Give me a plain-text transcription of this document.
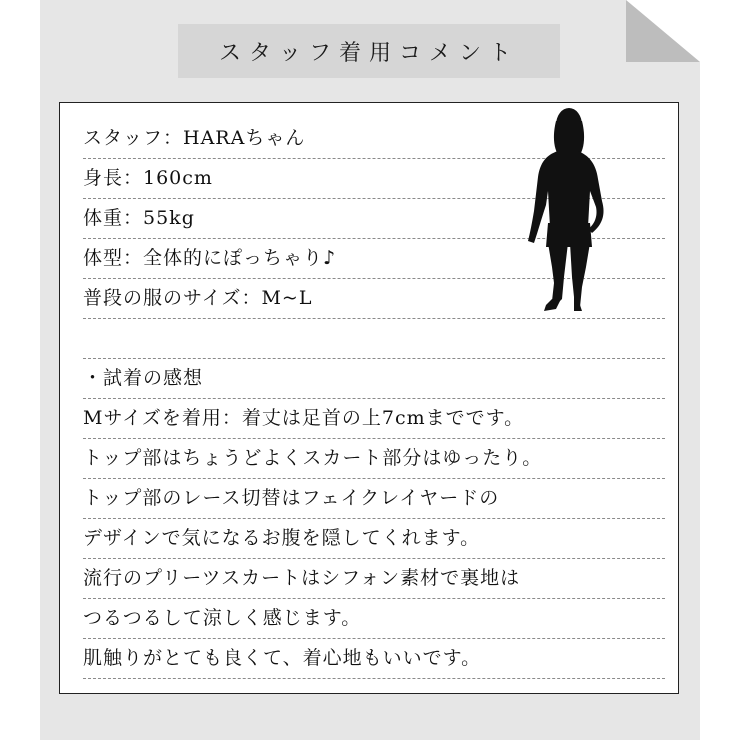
スタッフ着用コメント
スタッフ：HARAちゃん
身長：160cm
体重：55kg
体型：全体的にぽっちゃり♪
普段の服のサイズ：M~L
・試着の感想
Mサイズを着用：着丈は足首の上7cmまでです。
トップ部はちょうどよくスカート部分はゆったり。
トップ部のレース切替はフェイクレイヤードの
デザインで気になるお腹を隠してくれます。
流行のプリーツスカートはシフォン素材で裏地は
つるつるして涼しく感じます。
肌触りがとても良くて、着心地もいいです。
